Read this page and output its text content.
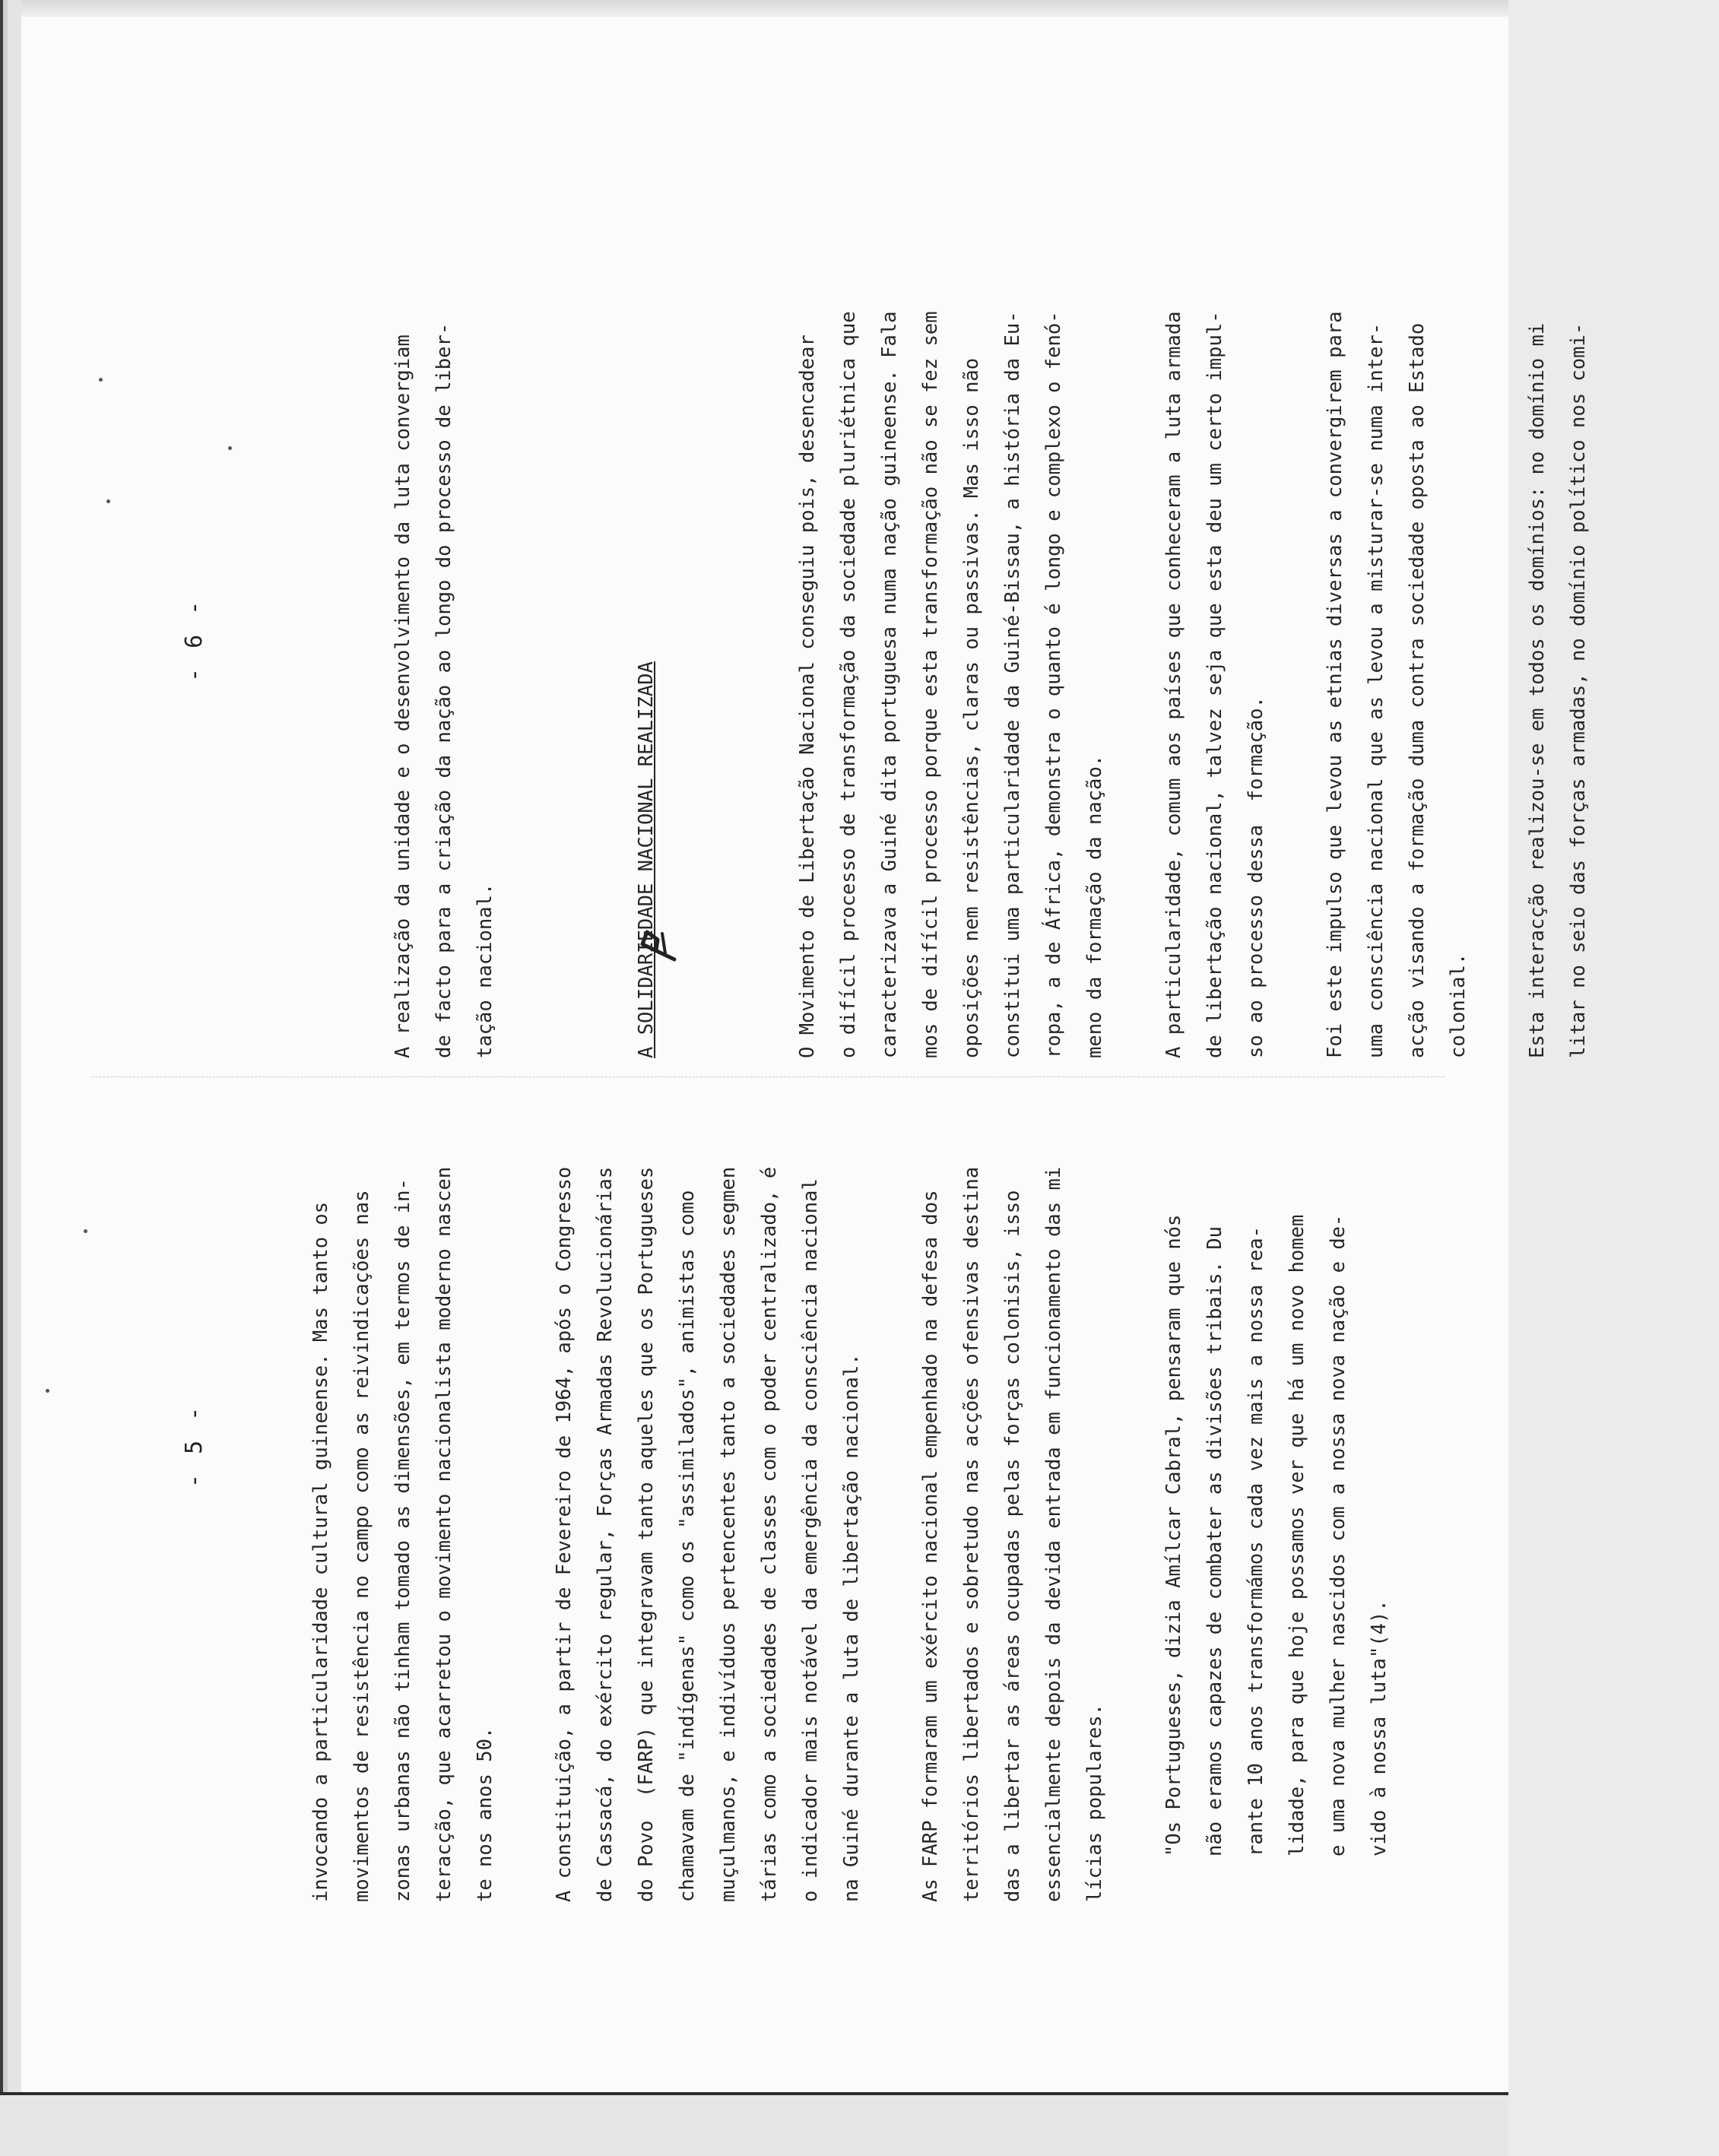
- 5 -
- 6 -
invocando a particularidade cultural guineense. Mas tanto os movimentos de resistência no campo como as reivindicações nas zonas urbanas não tinham tomado as dimensões, em termos de in- teracção, que acarretou o movimento nacionalista moderno nascen te nos anos 50.	A constituição, a partir de Fevereiro de 1964, após o Congresso de Cassacá, do exército regular, Forças Armadas Revolucionárias do Povo  (FARP) que integravam tanto aqueles que os Portugueses chamavam de "indígenas" como os "assimilados", animistas como muçulmanos, e indivíduos pertencentes tanto a sociedades segmen tárias como a sociedades de classes com o poder centralizado, é o indicador mais notável da emergência da consciência nacional na Guiné durante a luta de libertação nacional.	As FARP formaram um exército nacional empenhado na defesa dos territórios libertados e sobretudo nas acções ofensivas destina das a libertar as áreas ocupadas pelas forças colonisis, isso essencialmente depois da devida entrada em funcionamento das mi lícias populares.	"Os Portugueses, dizia Amílcar Cabral, pensaram que nós não eramos capazes de combater as divisões tribais. Du rante 10 anos transformámos cada vez mais a nossa rea- lidade, para que hoje possamos ver que há um novo homem e uma nova mulher nascidos com a nossa nova nação e de- vido à nossa luta"(4).

A realização da unidade e o desenvolvimento da luta convergiam de facto para a criação da nação ao longo do processo de liber- tação nacional.

	A SOLIDARIEDADE NACIONAL REALIZADA

	O Movimento de Libertação Nacional conseguiu pois, desencadear o difícil processo de transformação da sociedade pluriétnica que caracterizava a Guiné dita portuguesa numa nação guineense. Fala mos de difícil processo porque esta transformação não se fez sem oposições nem resistências, claras ou passivas. Mas isso não constitui uma particularidade da Guiné-Bissau, a história da Eu- ropa, a de África, demonstra o quanto é longo e complexo o fenó- meno da formação da nação.	A particularidade, comum aos países que conheceram a luta armada de libertação nacional, talvez seja que esta deu um certo impul- so ao processo dessa  formação.	Foi este impulso que levou as etnias diversas a convergirem para uma consciência nacional que as levou a misturar-se numa inter- acção visando a formação duma contra sociedade oposta ao Estado colonial.	Esta interacção realizou-se em todos os domínios: no domínio mi litar no seio das forças armadas, no domínio político nos comi-
